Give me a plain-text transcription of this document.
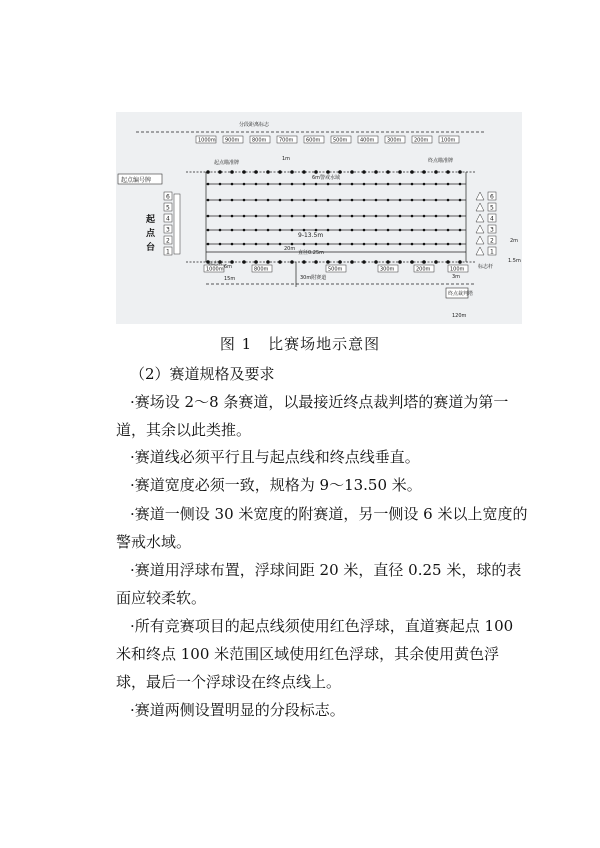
1000m 900m	800m	700m	600m	500m	400m	300m	200m	100m
1000m	800m	500m	300m	200m	100m
起点编号牌
起
点
台
6
5
4
3
2
1
6
5
4
3
2
1
9-13.5m
20m
直径0.25m
6m警戒水域
30m附赛道
分段距离标志
起点瞄准牌	终点瞄准牌
1m
6m
15m
120m
2m
1.5m
3m
标志杆
标志杆
终点裁判塔
图 1　比赛场地示意图
（2）赛道规格及要求
·赛场设 2～8 条赛道，以最接近终点裁判塔的赛道为第一道，其余以此类推。
·赛道线必须平行且与起点线和终点线垂直。
·赛道宽度必须一致，规格为 9～13.50 米。
·赛道一侧设 30 米宽度的附赛道，另一侧设 6 米以上宽度的警戒水域。
·赛道用浮球布置，浮球间距 20 米，直径 0.25 米，球的表面应较柔软。
·所有竞赛项目的起点线须使用红色浮球，直道赛起点 100 米和终点 100 米范围区域使用红色浮球，其余使用黄色浮球，最后一个浮球设在终点线上。
·赛道两侧设置明显的分段标志。
